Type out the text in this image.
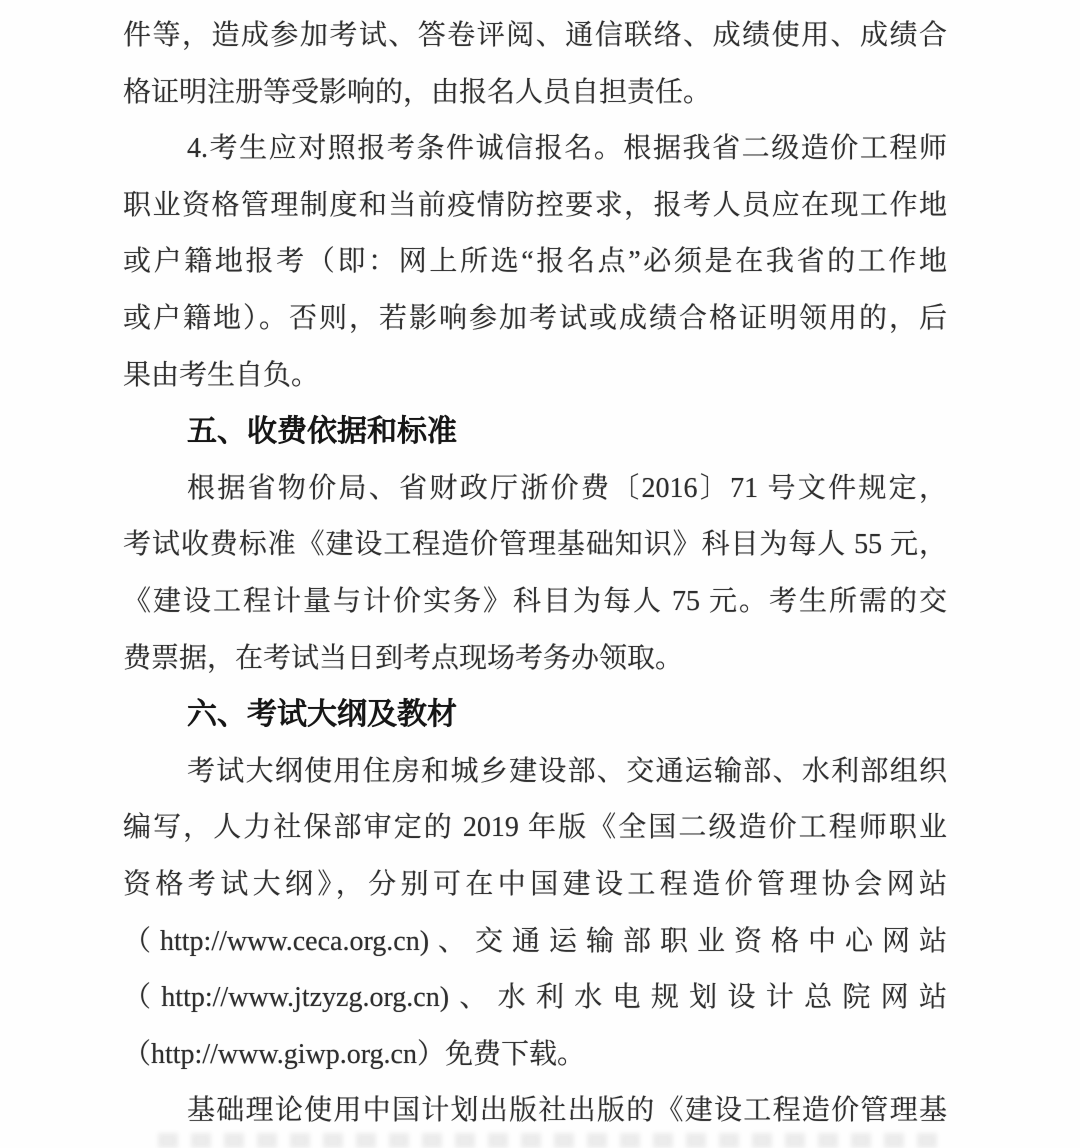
件等，造成参加考试、答卷评阅、通信联络、成绩使用、成绩合
格证明注册等受影响的，由报名人员自担责任。
4.考生应对照报考条件诚信报名。根据我省二级造价工程师
职业资格管理制度和当前疫情防控要求，报考人员应在现工作地
或户籍地报考（即：网上所选“报名点”必须是在我省的工作地
或户籍地）。否则，若影响参加考试或成绩合格证明领用的，后
果由考生自负。
五、收费依据和标准
根据省物价局、省财政厅浙价费〔2016〕71 号文件规定，
考试收费标准《建设工程造价管理基础知识》科目为每人 55 元，
《建设工程计量与计价实务》科目为每人 75 元。考生所需的交
费票据，在考试当日到考点现场考务办领取。
六、考试大纲及教材
考试大纲使用住房和城乡建设部、交通运输部、水利部组织
编写，人力社保部审定的 2019 年版《全国二级造价工程师职业
资格考试大纲》，分别可在中国建设工程造价管理协会网站
（http://www.ceca.org.cn)、交通运输部职业资格中心网站
（http://www.jtzyzg.org.cn)、水利水电规划设计总院网站
（http://www.giwp.org.cn）免费下载。
基础理论使用中国计划出版社出版的《建设工程造价管理基
